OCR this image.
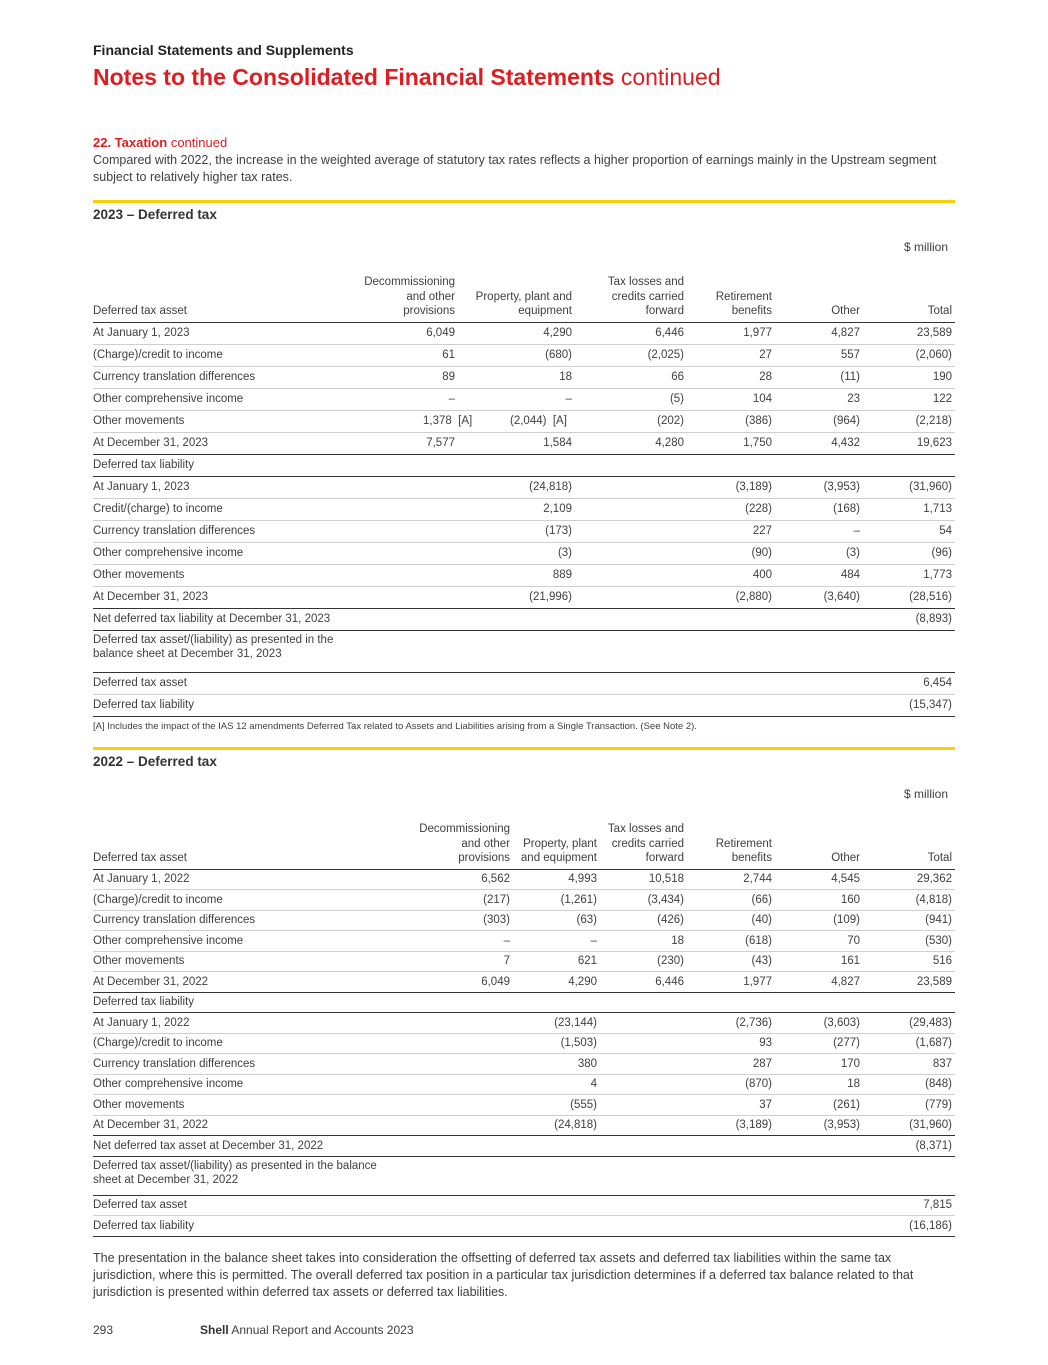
Financial Statements and Supplements
Notes to the Consolidated Financial Statements continued
22. Taxation continued
Compared with 2022, the increase in the weighted average of statutory tax rates reflects a higher proportion of earnings mainly in the Upstream segment subject to relatively higher tax rates.
2023 – Deferred tax
$ million
Deferred tax asset	Decommissioning and other provisions	Property, plant and equipment	Tax losses and credits carried forward	Retirement benefits	Other	Total
At January 1, 2023	6,049	4,290	6,446	1,977	4,827	23,589
(Charge)/credit to income	61	(680)	(2,025)	27	557	(2,060)
Currency translation differences	89	18	66	28	(11)	190
Other comprehensive income	–	–	(5)	104	23	122
Other movements	1,378 [A]	(2,044) [A]	(202)	(386)	(964)	(2,218)
At December 31, 2023	7,577	1,584	4,280	1,750	4,432	19,623
Deferred tax liability						
At January 1, 2023		(24,818)		(3,189)	(3,953)	(31,960)
Credit/(charge) to income		2,109		(228)	(168)	1,713
Currency translation differences		(173)		227	–	54
Other comprehensive income		(3)		(90)	(3)	(96)
Other movements		889		400	484	1,773
At December 31, 2023		(21,996)		(2,880)	(3,640)	(28,516)
Net deferred tax liability at December 31, 2023						(8,893)
Deferred tax asset/(liability) as presented in the balance sheet at December 31, 2023						
Deferred tax asset						6,454
Deferred tax liability						(15,347)
[A] Includes the impact of the IAS 12 amendments Deferred Tax related to Assets and Liabilities arising from a Single Transaction. (See Note 2).
2022 – Deferred tax
$ million
Deferred tax asset	Decommissioning and other provisions	Property, plant and equipment	Tax losses and credits carried forward	Retirement benefits	Other	Total
At January 1, 2022	6,562	4,993	10,518	2,744	4,545	29,362
(Charge)/credit to income	(217)	(1,261)	(3,434)	(66)	160	(4,818)
Currency translation differences	(303)	(63)	(426)	(40)	(109)	(941)
Other comprehensive income	–	–	18	(618)	70	(530)
Other movements	7	621	(230)	(43)	161	516
At December 31, 2022	6,049	4,290	6,446	1,977	4,827	23,589
Deferred tax liability						
At January 1, 2022		(23,144)		(2,736)	(3,603)	(29,483)
(Charge)/credit to income		(1,503)		93	(277)	(1,687)
Currency translation differences		380		287	170	837
Other comprehensive income		4		(870)	18	(848)
Other movements		(555)		37	(261)	(779)
At December 31, 2022		(24,818)		(3,189)	(3,953)	(31,960)
Net deferred tax asset at December 31, 2022						(8,371)
Deferred tax asset/(liability) as presented in the balance sheet at December 31, 2022						
Deferred tax asset						7,815
Deferred tax liability						(16,186)
The presentation in the balance sheet takes into consideration the offsetting of deferred tax assets and deferred tax liabilities within the same tax jurisdiction, where this is permitted. The overall deferred tax position in a particular tax jurisdiction determines if a deferred tax balance related to that jurisdiction is presented within deferred tax assets or deferred tax liabilities.
293	Shell Annual Report and Accounts 2023
